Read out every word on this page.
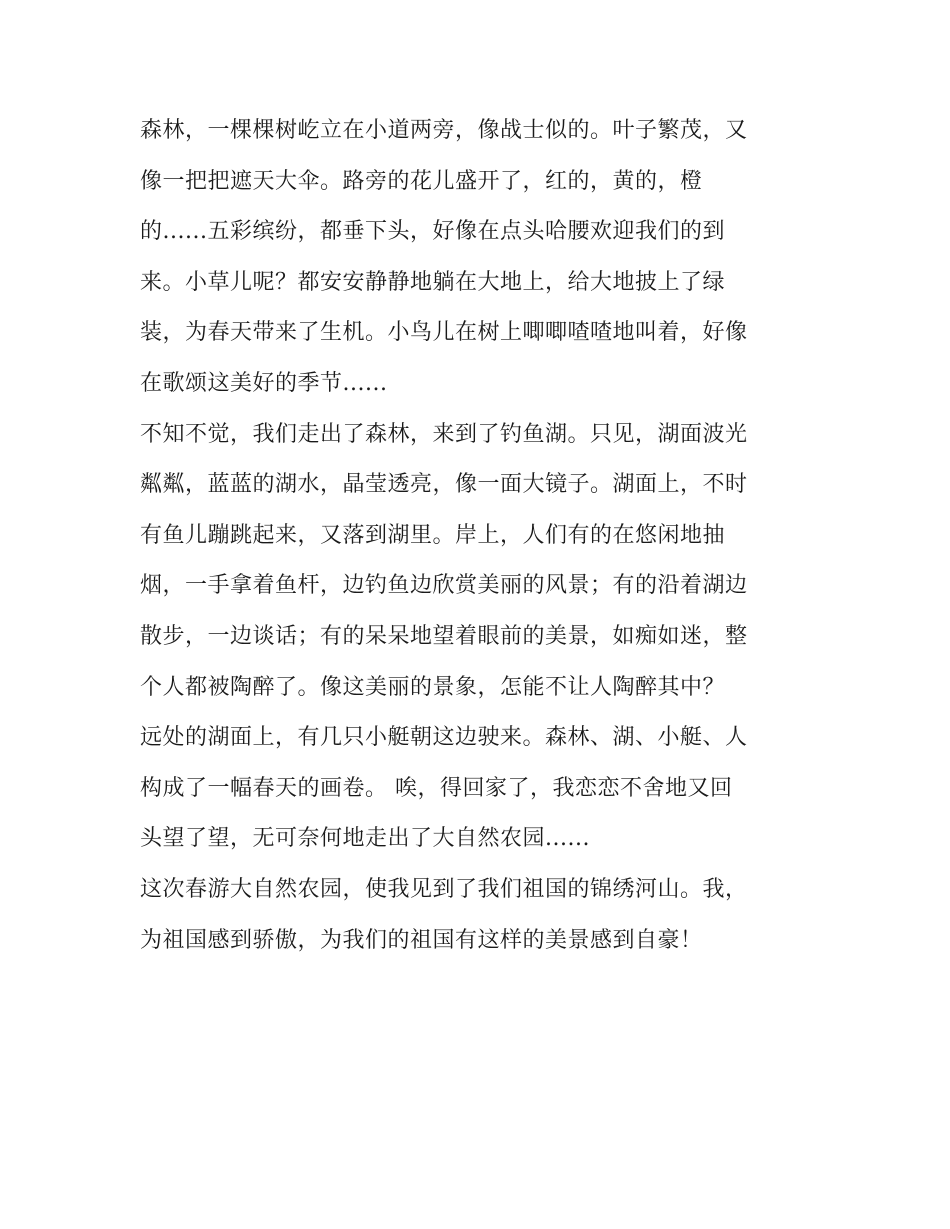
森林，一棵棵树屹立在小道两旁，像战士似的。叶子繁茂，又
像一把把遮天大伞。路旁的花儿盛开了，红的，黄的，橙
的......五彩缤纷，都垂下头，好像在点头哈腰欢迎我们的到
来。小草儿呢？都安安静静地躺在大地上，给大地披上了绿
装，为春天带来了生机。小鸟儿在树上唧唧喳喳地叫着，好像
在歌颂这美好的季节......
不知不觉，我们走出了森林，来到了钓鱼湖。只见，湖面波光
粼粼，蓝蓝的湖水，晶莹透亮，像一面大镜子。湖面上，不时
有鱼儿蹦跳起来，又落到湖里。岸上，人们有的在悠闲地抽
烟，一手拿着鱼杆，边钓鱼边欣赏美丽的风景；有的沿着湖边
散步，一边谈话；有的呆呆地望着眼前的美景，如痴如迷，整
个人都被陶醉了。像这美丽的景象，怎能不让人陶醉其中？
远处的湖面上，有几只小艇朝这边驶来。森林、湖、小艇、人
构成了一幅春天的画卷。 唉，得回家了，我恋恋不舍地又回
头望了望，无可奈何地走出了大自然农园......
这次春游大自然农园，使我见到了我们祖国的锦绣河山。我，
为祖国感到骄傲，为我们的祖国有这样的美景感到自豪！
